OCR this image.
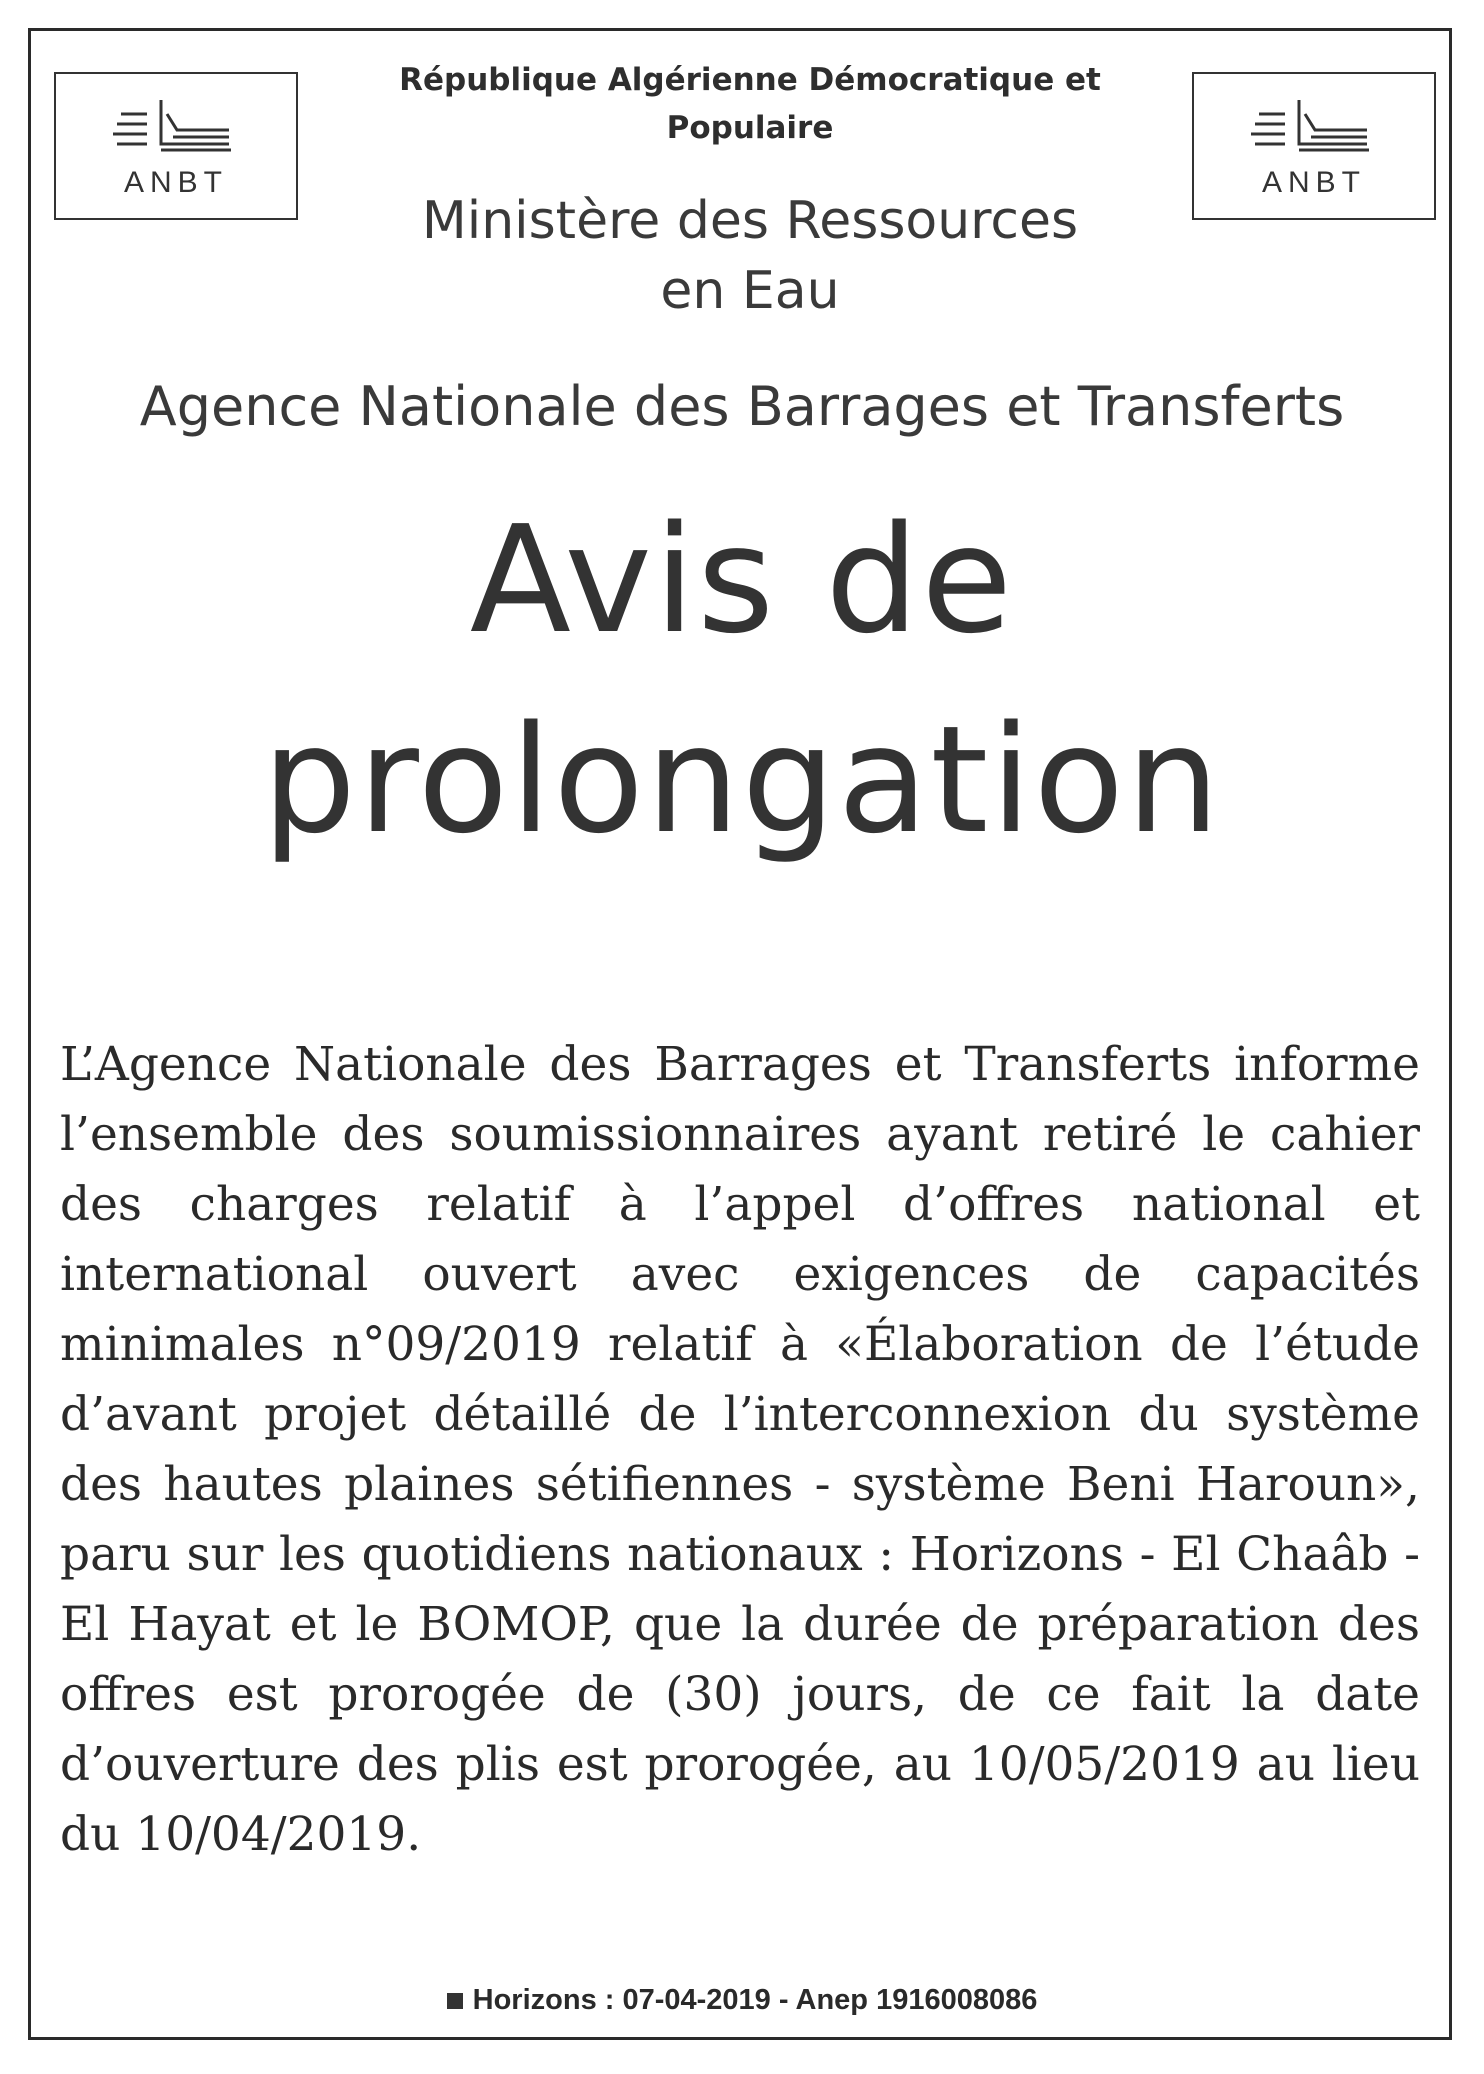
ANBT	ANBT
République Algérienne Démocratique et Populaire
Ministère des Ressources
en Eau
Agence Nationale des Barrages et Transferts
Avis de
prolongation
L’Agence Nationale des Barrages et Transferts informe l’ensemble des soumissionnaires ayant retiré le cahier des charges relatif à l’appel d’offres national et international ouvert avec exigences de capacités minimales n°09/2019 relatif à «Élaboration de l’étude d’avant projet détaillé de l’interconnexion du système des hautes plaines sétifiennes - système Beni Haroun», paru sur les quotidiens nationaux : Horizons - El Chaâb - El Hayat et le BOMOP, que la durée de préparation des offres est prorogée de (30) jours, de ce fait la date d’ouverture des plis est prorogée, au 10/05/2019 au lieu du 10/04/2019.
Horizons : 07-04-2019 - Anep 1916008086
